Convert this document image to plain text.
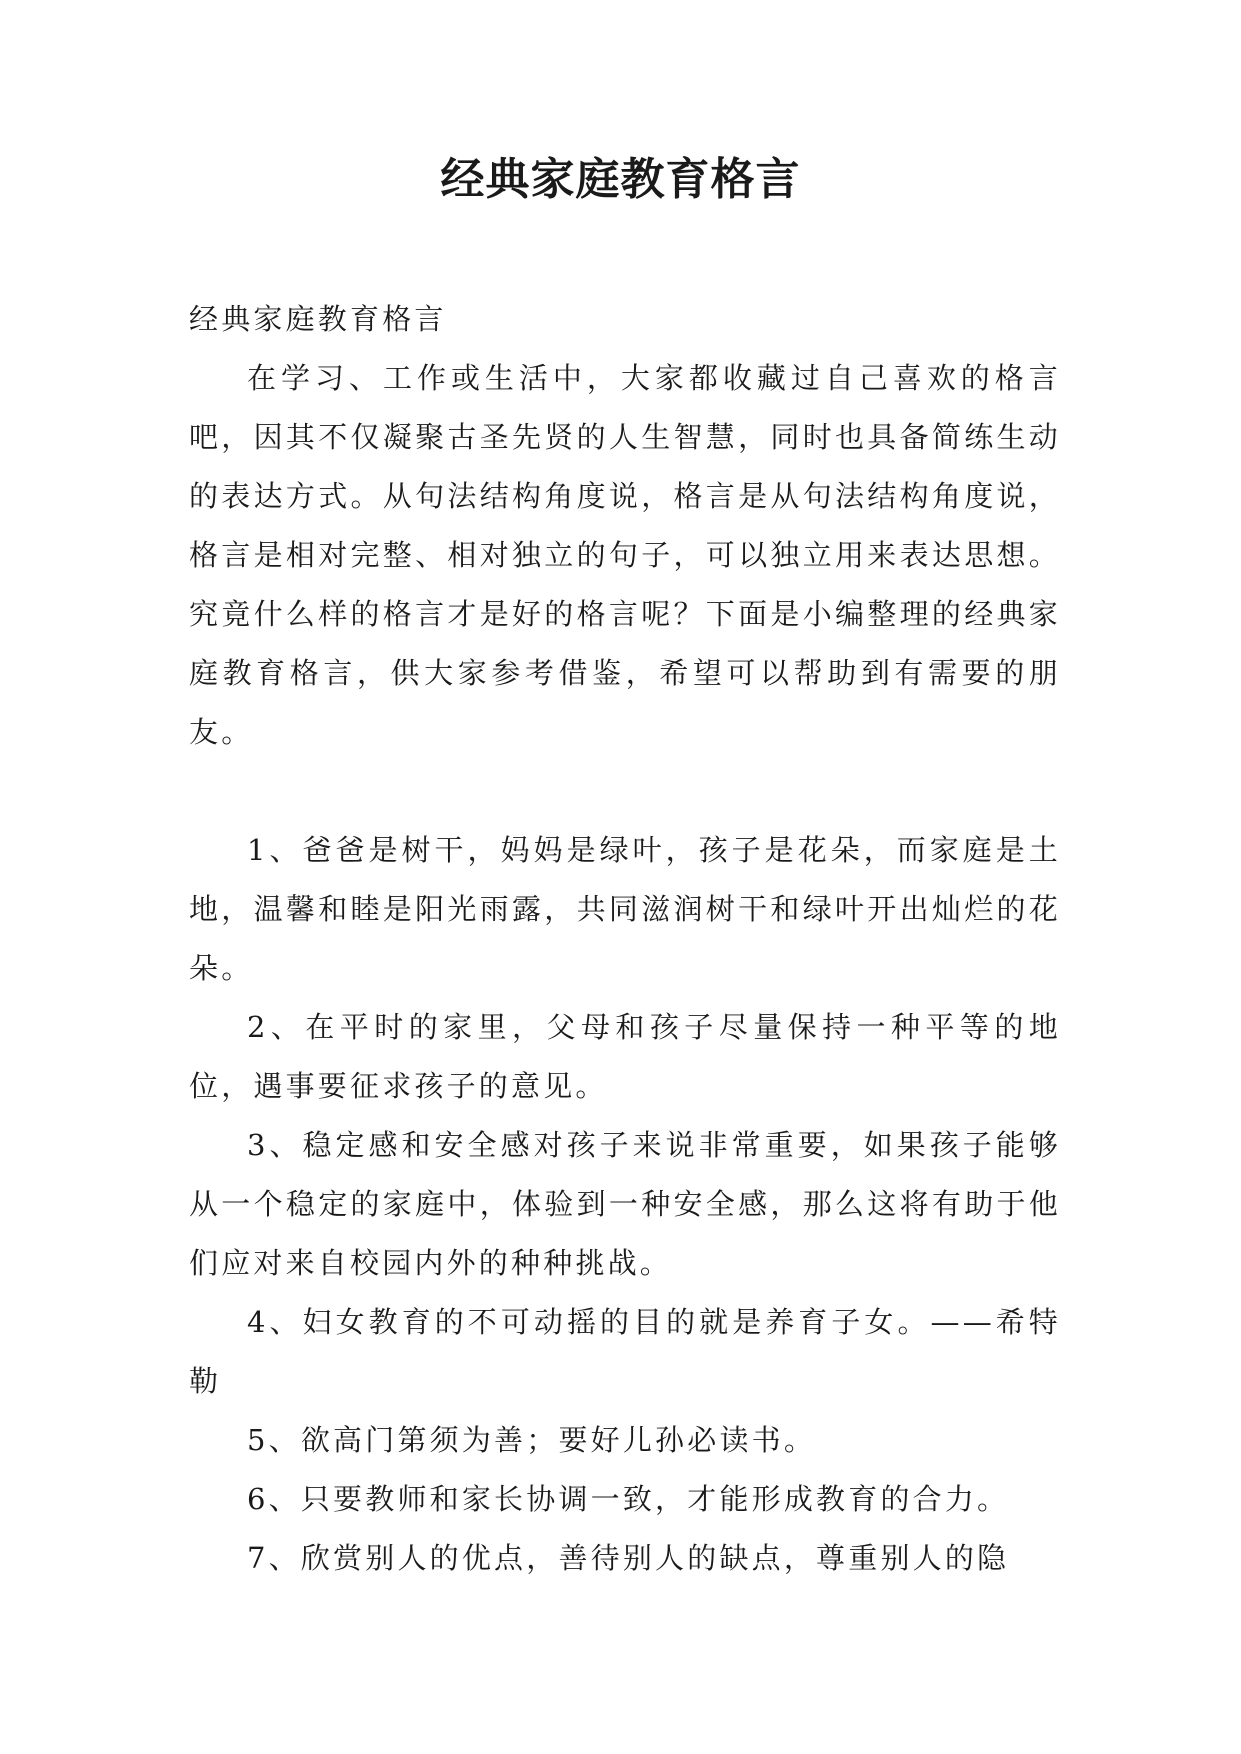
经典家庭教育格言

经典家庭教育格言

在学习、工作或生活中，大家都收藏过自己喜欢的格言吧，因其不仅凝聚古圣先贤的人生智慧，同时也具备简练生动的表达方式。从句法结构角度说，格言是从句法结构角度说，格言是相对完整、相对独立的句子，可以独立用来表达思想。究竟什么样的格言才是好的格言呢？下面是小编整理的经典家庭教育格言，供大家参考借鉴，希望可以帮助到有需要的朋友。

1、爸爸是树干，妈妈是绿叶，孩子是花朵，而家庭是土地，温馨和睦是阳光雨露，共同滋润树干和绿叶开出灿烂的花朵。

2、在平时的家里，父母和孩子尽量保持一种平等的地位，遇事要征求孩子的意见。

3、稳定感和安全感对孩子来说非常重要，如果孩子能够从一个稳定的家庭中，体验到一种安全感，那么这将有助于他们应对来自校园内外的种种挑战。

4、妇女教育的不可动摇的目的就是养育子女。——希特勒

5、欲高门第须为善；要好儿孙必读书。

6、只要教师和家长协调一致，才能形成教育的合力。

7、欣赏别人的优点，善待别人的缺点，尊重别人的隐
